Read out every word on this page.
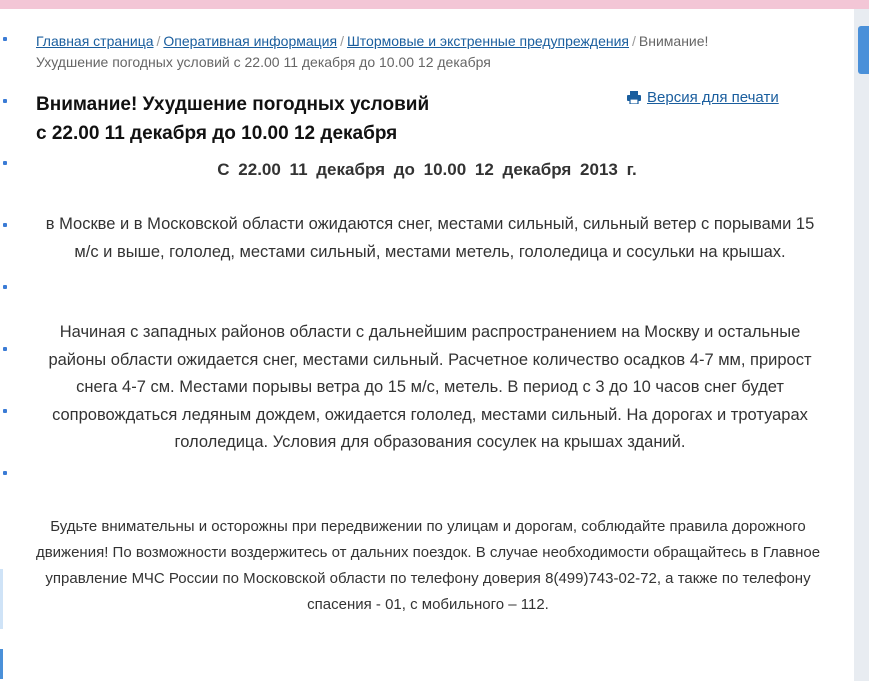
Главная страница / Оперативная информация / Штормовые и экстренные предупреждения / Внимание!
Ухудшение погодных условий с 22.00 11 декабря до 10.00 12 декабря
Внимание! Ухудшение погодных условий
с 22.00 11 декабря до 10.00 12 декабря
Версия для печати
С 22.00 11 декабря до 10.00 12 декабря 2013 г.

в Москве и в Московской области ожидаются снег, местами сильный, сильный ветер с порывами 15 м/с и выше, гололед, местами сильный, местами метель, гололедица и сосульки на крышах.

Начиная с западных районов области с дальнейшим распространением на Москву и остальные районы области ожидается снег, местами сильный. Расчетное количество осадков 4-7 мм, прирост снега 4-7 см. Местами порывы ветра до 15 м/с, метель. В период с 3 до 10 часов снег будет сопровождаться ледяным дождем, ожидается гололед, местами сильный. На дорогах и тротуарах гололедица. Условия для образования сосулек на крышах зданий.

Будьте внимательны и осторожны при передвижении по улицам и дорогам, соблюдайте правила дорожного движения! По возможности воздержитесь от дальних поездок. В случае необходимости обращайтесь в Главное управление МЧС России по Московской области по телефону доверия 8(499)743-02-72, а также по телефону спасения - 01, с мобильного – 112.
